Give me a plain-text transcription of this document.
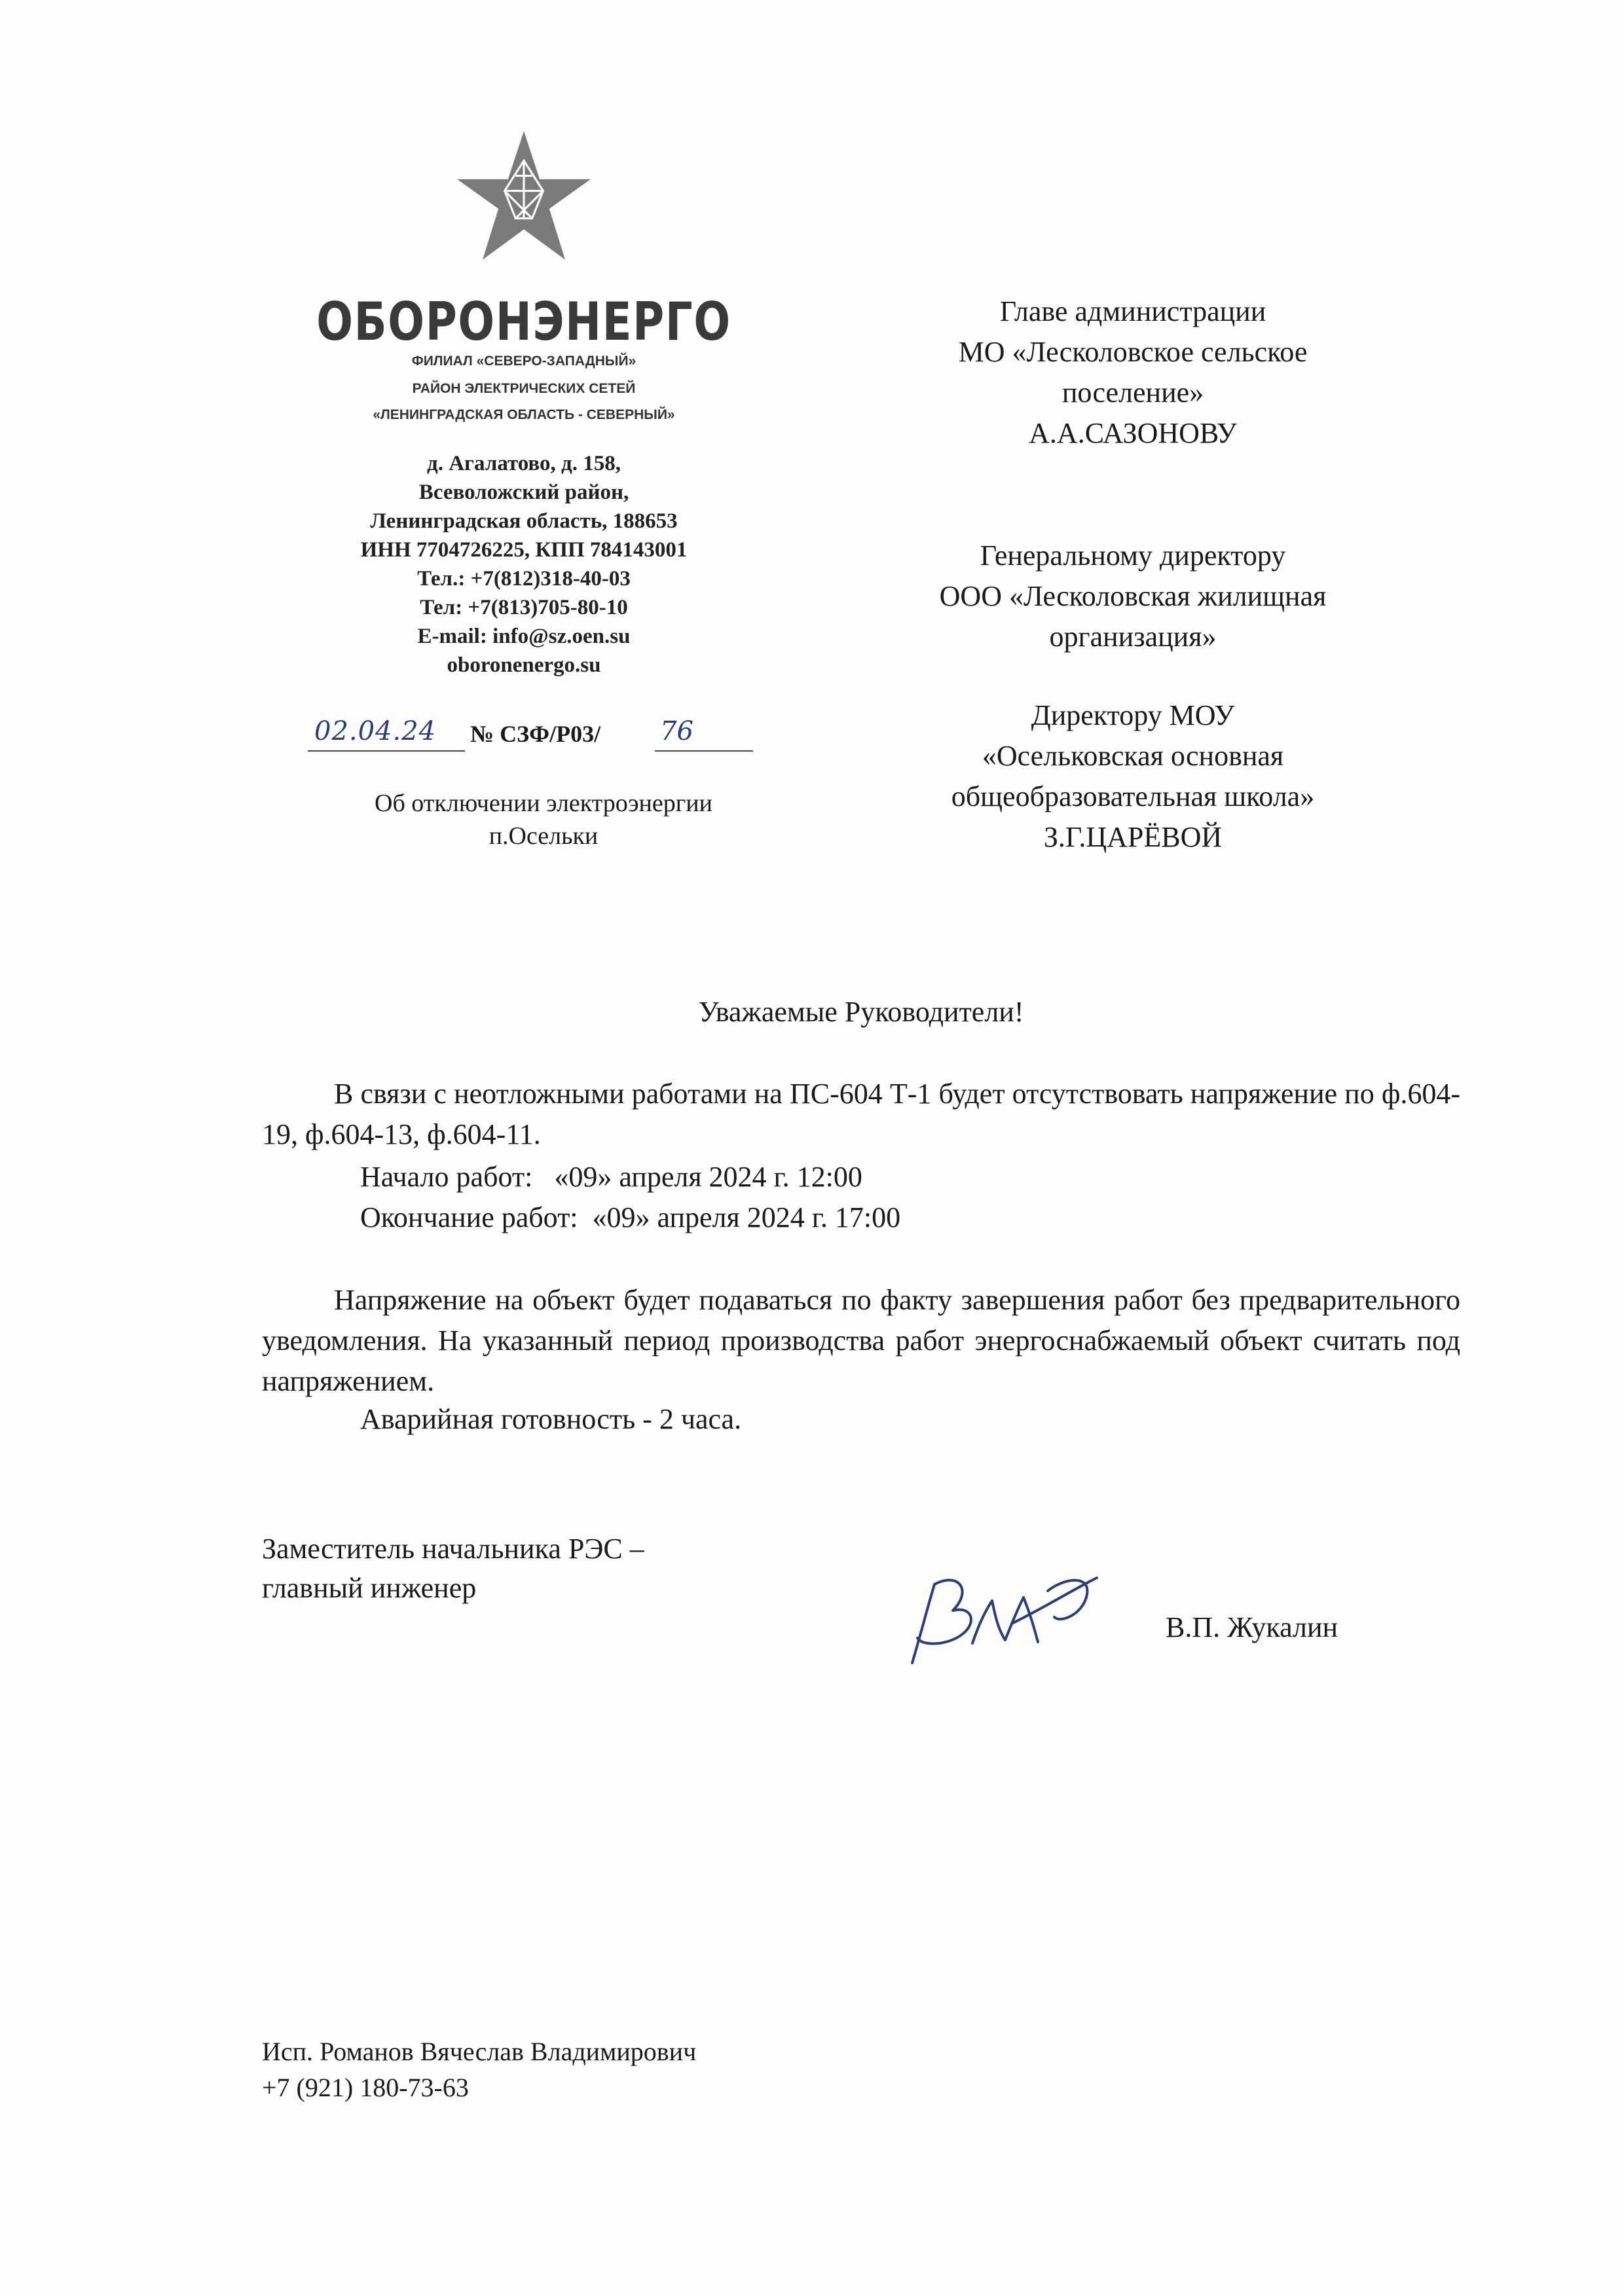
ОБОРОНЭНЕРГО
ФИЛИАЛ «СЕВЕРО-ЗАПАДНЫЙ»
РАЙОН ЭЛЕКТРИЧЕСКИХ СЕТЕЙ
«ЛЕНИНГРАДСКАЯ ОБЛАСТЬ - СЕВЕРНЫЙ»
д. Агалатово, д. 158,
Всеволожский район,
Ленинградская область, 188653
ИНН 7704726225, КПП 784143001
Тел.: +7(812)318-40-03
Тел: +7(813)705-80-10
E-mail: info@sz.oen.su
oboronenergo.su
02.04.24 № СЗФ/Р03/ 76
Об отключении электроэнергии
п.Осельки
Главе администрации
МО «Лесколовское сельское
поселение»
А.А.САЗОНОВУ
Генеральному директору
ООО «Лесколовская жилищная
организация»
Директору МОУ
«Осельковская основная
общеобразовательная школа»
З.Г.ЦАРЁВОЙ
Уважаемые Руководители!
В связи с неотложными работами на ПС-604 Т-1 будет отсутствовать напряжение по ф.604-19, ф.604-13, ф.604-11.
Начало работ:   «09» апреля 2024 г. 12:00
Окончание работ:  «09» апреля 2024 г. 17:00
Напряжение на объект будет подаваться по факту завершения работ без предварительного уведомления. На указанный период производства работ энергоснабжаемый объект считать под напряжением.
Аварийная готовность - 2 часа.
Заместитель начальника РЭС –
главный инженер
В.П. Жукалин
Исп. Романов Вячеслав Владимирович
+7 (921) 180-73-63
